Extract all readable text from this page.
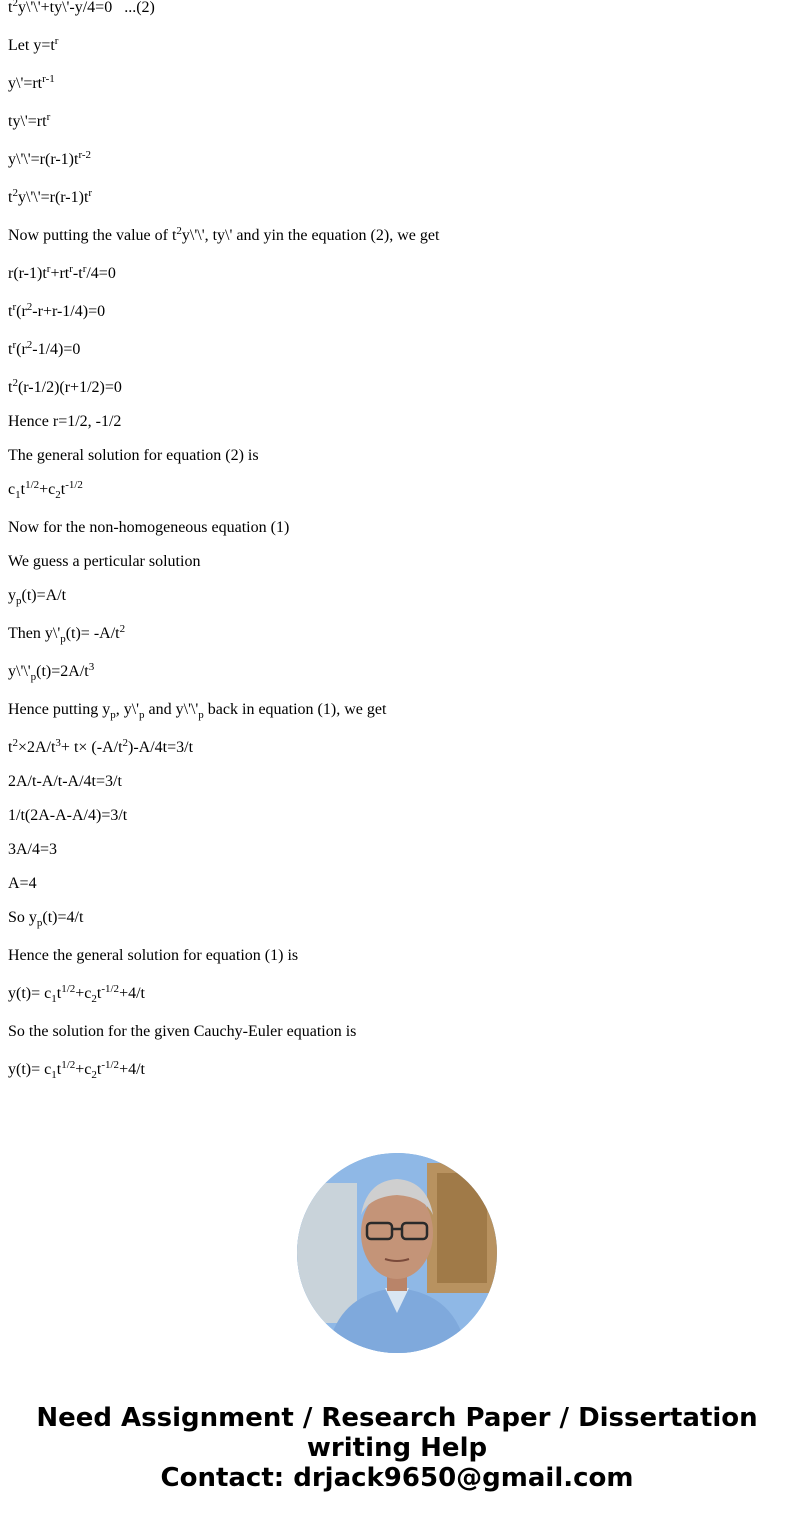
$t^2y\backslash'\backslash'+ty\backslash'-y/4=0$   ...(2)

Let $y=t^r$

$y\backslash'=rt^{r-1}$

$ty\backslash'=rt^r$

$y\backslash'\backslash'=r(r-1)t^{r-2}$

$t^2y\backslash'\backslash'=r(r-1)t^r$

Now putting the value of $t^2y\backslash'\backslash'$, ty\' and yin the equation (2), we get

$r(r-1)t^r+rt^r-t^r/4=0$

$t^r(r^2-r+r-1/4)=0$

$t^r(r^2-1/4)=0$

$t^2(r-1/2)(r+1/2)=0$

Hence r=1/2, -1/2

The general solution for equation (2) is

$c_1t^{1/2}+c_2t^{-1/2}$

Now for the non-homogeneous equation (1)

We guess a perticular solution

$y_p(t)=A/t$

Then $y\backslash'_p(t)= -A/t^2$

$y\backslash'\backslash'_p(t)=2A/t^3$

Hence putting $y_p$, $y\backslash'_p$ and $y\backslash'\backslash'_p$ back in equation (1), we get

$t^2\times 2A/t^3+ t\times (-A/t^2)-A/4t=3/t$

2A/t-A/t-A/4t=3/t

1/t(2A-A-A/4)=3/t

3A/4=3

A=4

So $y_p(t)=4/t$

Hence the general solution for equation (1) is

$y(t)= c_1t^{1/2}+c_2t^{-1/2}+4/t$

So the solution for the given Cauchy-Euler equation is

$y(t)= c_1t^{1/2}+c_2t^{-1/2}+4/t$

Need Assignment / Research Paper / Dissertation
writing Help
Contact: drjack9650@gmail.com
